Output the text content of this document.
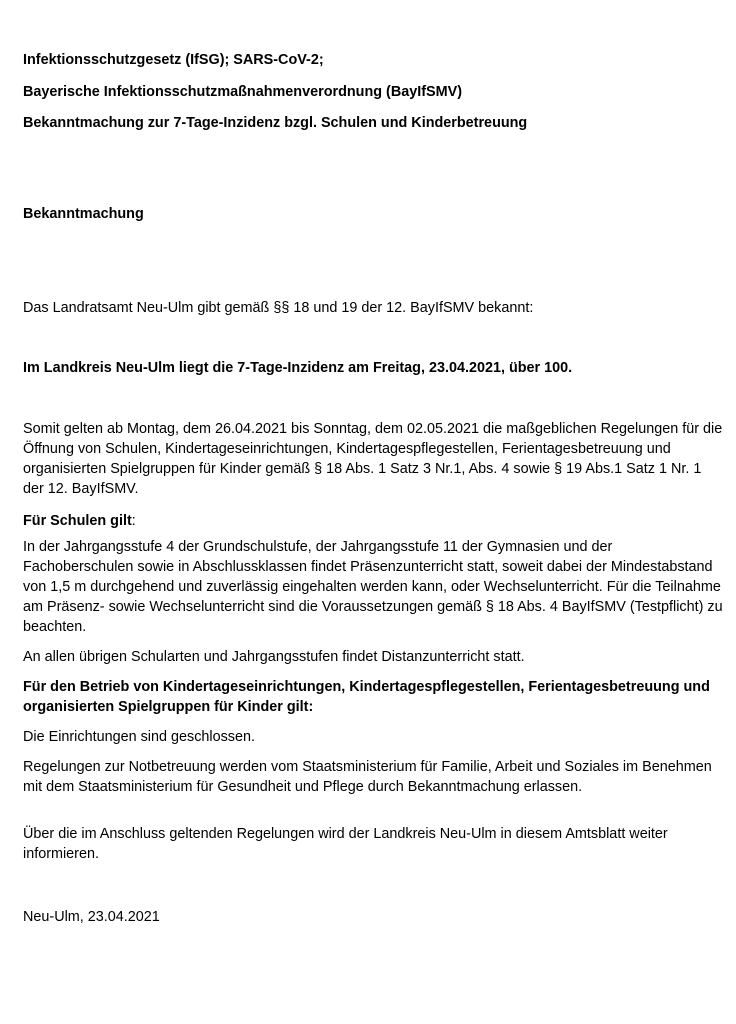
Infektionsschutzgesetz (IfSG); SARS-CoV-2;

Bayerische Infektionsschutzmaßnahmenverordnung (BayIfSMV)

Bekanntmachung zur 7-Tage-Inzidenz bzgl. Schulen und Kinderbetreuung

Bekanntmachung

Das Landratsamt Neu-Ulm gibt gemäß §§ 18 und 19 der 12. BayIfSMV bekannt:

Im Landkreis Neu-Ulm liegt die 7-Tage-Inzidenz am Freitag, 23.04.2021, über 100.

Somit gelten ab Montag, dem 26.04.2021 bis Sonntag, dem 02.05.2021 die maßgeblichen Regelungen für die Öffnung von Schulen, Kindertageseinrichtungen, Kindertagespflegestellen, Ferientagesbetreuung und organisierten Spielgruppen für Kinder gemäß § 18 Abs. 1 Satz 3 Nr.1, Abs. 4 sowie § 19 Abs.1 Satz 1 Nr. 1 der 12. BayIfSMV.

Für Schulen gilt:

In der Jahrgangsstufe 4 der Grundschulstufe, der Jahrgangsstufe 11 der Gymnasien und der Fachoberschulen sowie in Abschlussklassen findet Präsenzunterricht statt, soweit dabei der Mindestabstand von 1,5 m durchgehend und zuverlässig eingehalten werden kann, oder Wechselunterricht. Für die Teilnahme am Präsenz- sowie Wechselunterricht sind die Voraussetzungen gemäß § 18 Abs. 4 BayIfSMV (Testpflicht) zu beachten.

An allen übrigen Schularten und Jahrgangsstufen findet Distanzunterricht statt.

Für den Betrieb von Kindertageseinrichtungen, Kindertagespflegestellen, Ferientagesbetreuung und organisierten Spielgruppen für Kinder gilt:

Die Einrichtungen sind geschlossen.

Regelungen zur Notbetreuung werden vom Staatsministerium für Familie, Arbeit und Soziales im Benehmen mit dem Staatsministerium für Gesundheit und Pflege durch Bekanntmachung erlassen.

Über die im Anschluss geltenden Regelungen wird der Landkreis Neu-Ulm in diesem Amtsblatt weiter informieren.

Neu-Ulm, 23.04.2021
